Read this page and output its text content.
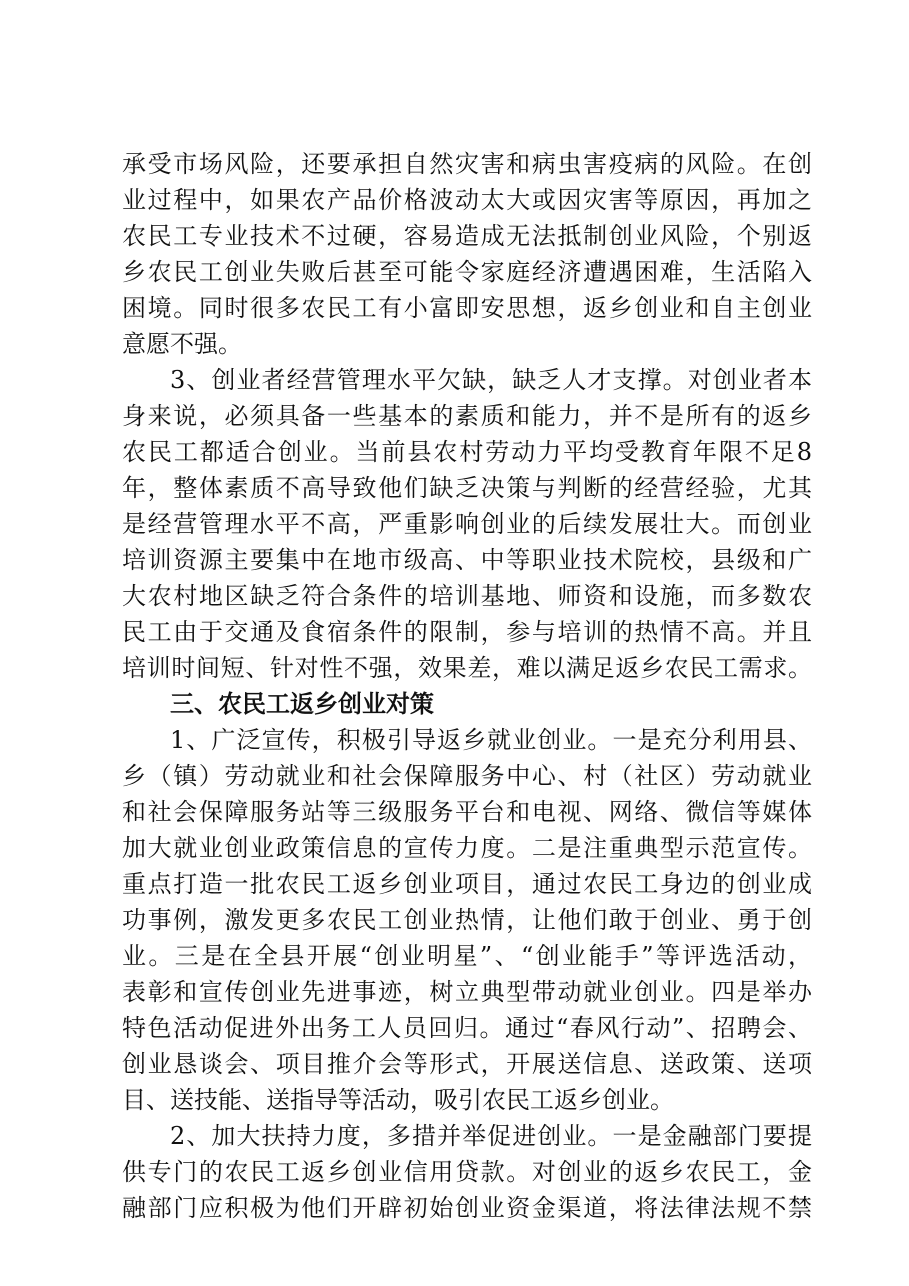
承受市场风险，还要承担自然灾害和病虫害疫病的风险。在创
业过程中，如果农产品价格波动太大或因灾害等原因，再加之
农民工专业技术不过硬，容易造成无法抵制创业风险，个别返
乡农民工创业失败后甚至可能令家庭经济遭遇困难，生活陷入
困境。同时很多农民工有小富即安思想，返乡创业和自主创业
意愿不强。
3、创业者经营管理水平欠缺，缺乏人才支撑。对创业者本
身来说，必须具备一些基本的素质和能力，并不是所有的返乡
农民工都适合创业。当前县农村劳动力平均受教育年限不足8
年，整体素质不高导致他们缺乏决策与判断的经营经验，尤其
是经营管理水平不高，严重影响创业的后续发展壮大。而创业
培训资源主要集中在地市级高、中等职业技术院校，县级和广
大农村地区缺乏符合条件的培训基地、师资和设施，而多数农
民工由于交通及食宿条件的限制，参与培训的热情不高。并且
培训时间短、针对性不强，效果差，难以满足返乡农民工需求。
三、农民工返乡创业对策
1、广泛宣传，积极引导返乡就业创业。一是充分利用县、
乡（镇）劳动就业和社会保障服务中心、村（社区）劳动就业
和社会保障服务站等三级服务平台和电视、网络、微信等媒体
加大就业创业政策信息的宣传力度。二是注重典型示范宣传。
重点打造一批农民工返乡创业项目，通过农民工身边的创业成
功事例，激发更多农民工创业热情，让他们敢于创业、勇于创
业。三是在全县开展“创业明星”、“创业能手”等评选活动，
表彰和宣传创业先进事迹，树立典型带动就业创业。四是举办
特色活动促进外出务工人员回归。通过“春风行动”、招聘会、
创业恳谈会、项目推介会等形式，开展送信息、送政策、送项
目、送技能、送指导等活动，吸引农民工返乡创业。
2、加大扶持力度，多措并举促进创业。一是金融部门要提
供专门的农民工返乡创业信用贷款。对创业的返乡农民工，金
融部门应积极为他们开辟初始创业资金渠道，将法律法规不禁
